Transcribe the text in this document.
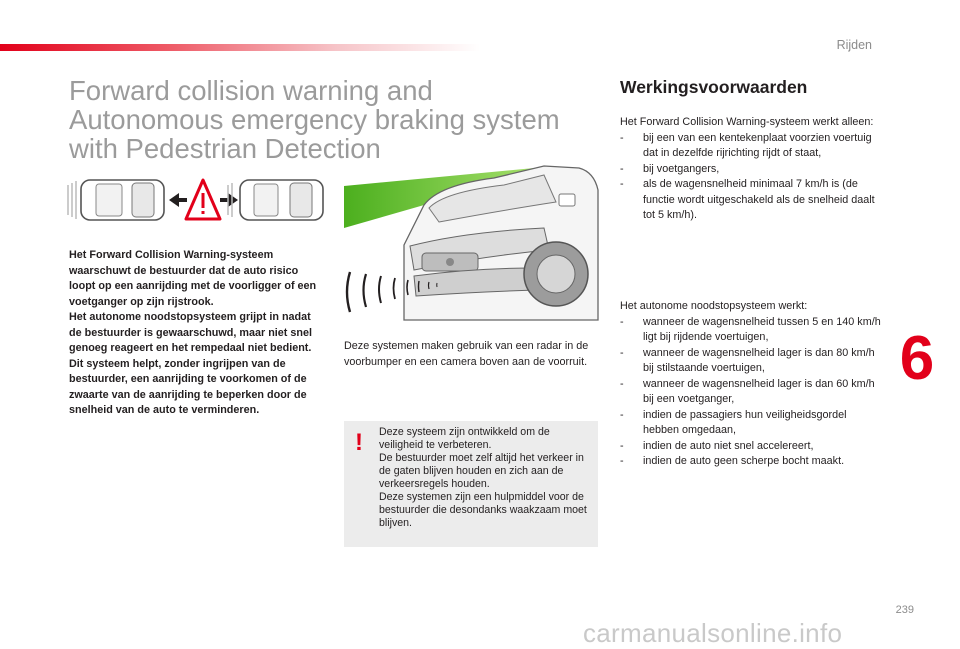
Rijden
Forward collision warning and
Autonomous emergency braking system
with Pedestrian Detection

Het Forward Collision Warning-systeem waarschuwt de bestuurder dat de auto risico loopt op een aanrijding met de voorligger of een voetganger op zijn rijstrook.

Het autonome noodstopsysteem grijpt in nadat de bestuurder is gewaarschuwd, maar niet snel genoeg reageert en het rempedaal niet bedient.

Dit systeem helpt, zonder ingrijpen van de bestuurder, een aanrijding te voorkomen of de zwaarte van de aanrijding te beperken door de snelheid van de auto te verminderen.

Deze systemen maken gebruik van een radar in de voorbumper en een camera boven aan de voorruit.
! Deze systeem zijn ontwikkeld om de veiligheid te verbeteren.

De bestuurder moet zelf altijd het verkeer in de gaten blijven houden en zich aan de verkeersregels houden.

Deze systemen zijn een hulpmiddel voor de bestuurder die desondanks waakzaam moet blijven.

Werkingsvoorwaarden

Het Forward Collision Warning-systeem werkt alleen:

- bij een van een kentekenplaat voorzien voertuig dat in dezelfde rijrichting rijdt of staat,
- bij voetgangers,
- als de wagensnelheid minimaal 7 km/h is (de functie wordt uitgeschakeld als de snelheid daalt tot 5 km/h).

Het autonome noodstopsysteem werkt:

- wanneer de wagensnelheid tussen 5 en 140 km/h ligt bij rijdende voertuigen,
- wanneer de wagensnelheid lager is dan 80 km/h bij stilstaande voertuigen,
- wanneer de wagensnelheid lager is dan 60 km/h bij een voetganger,
- indien de passagiers hun veiligheidsgordel hebben omgedaan,
- indien de auto niet snel accelereert,
- indien de auto geen scherpe bocht maakt.
6
239
carmanualsonline.info
